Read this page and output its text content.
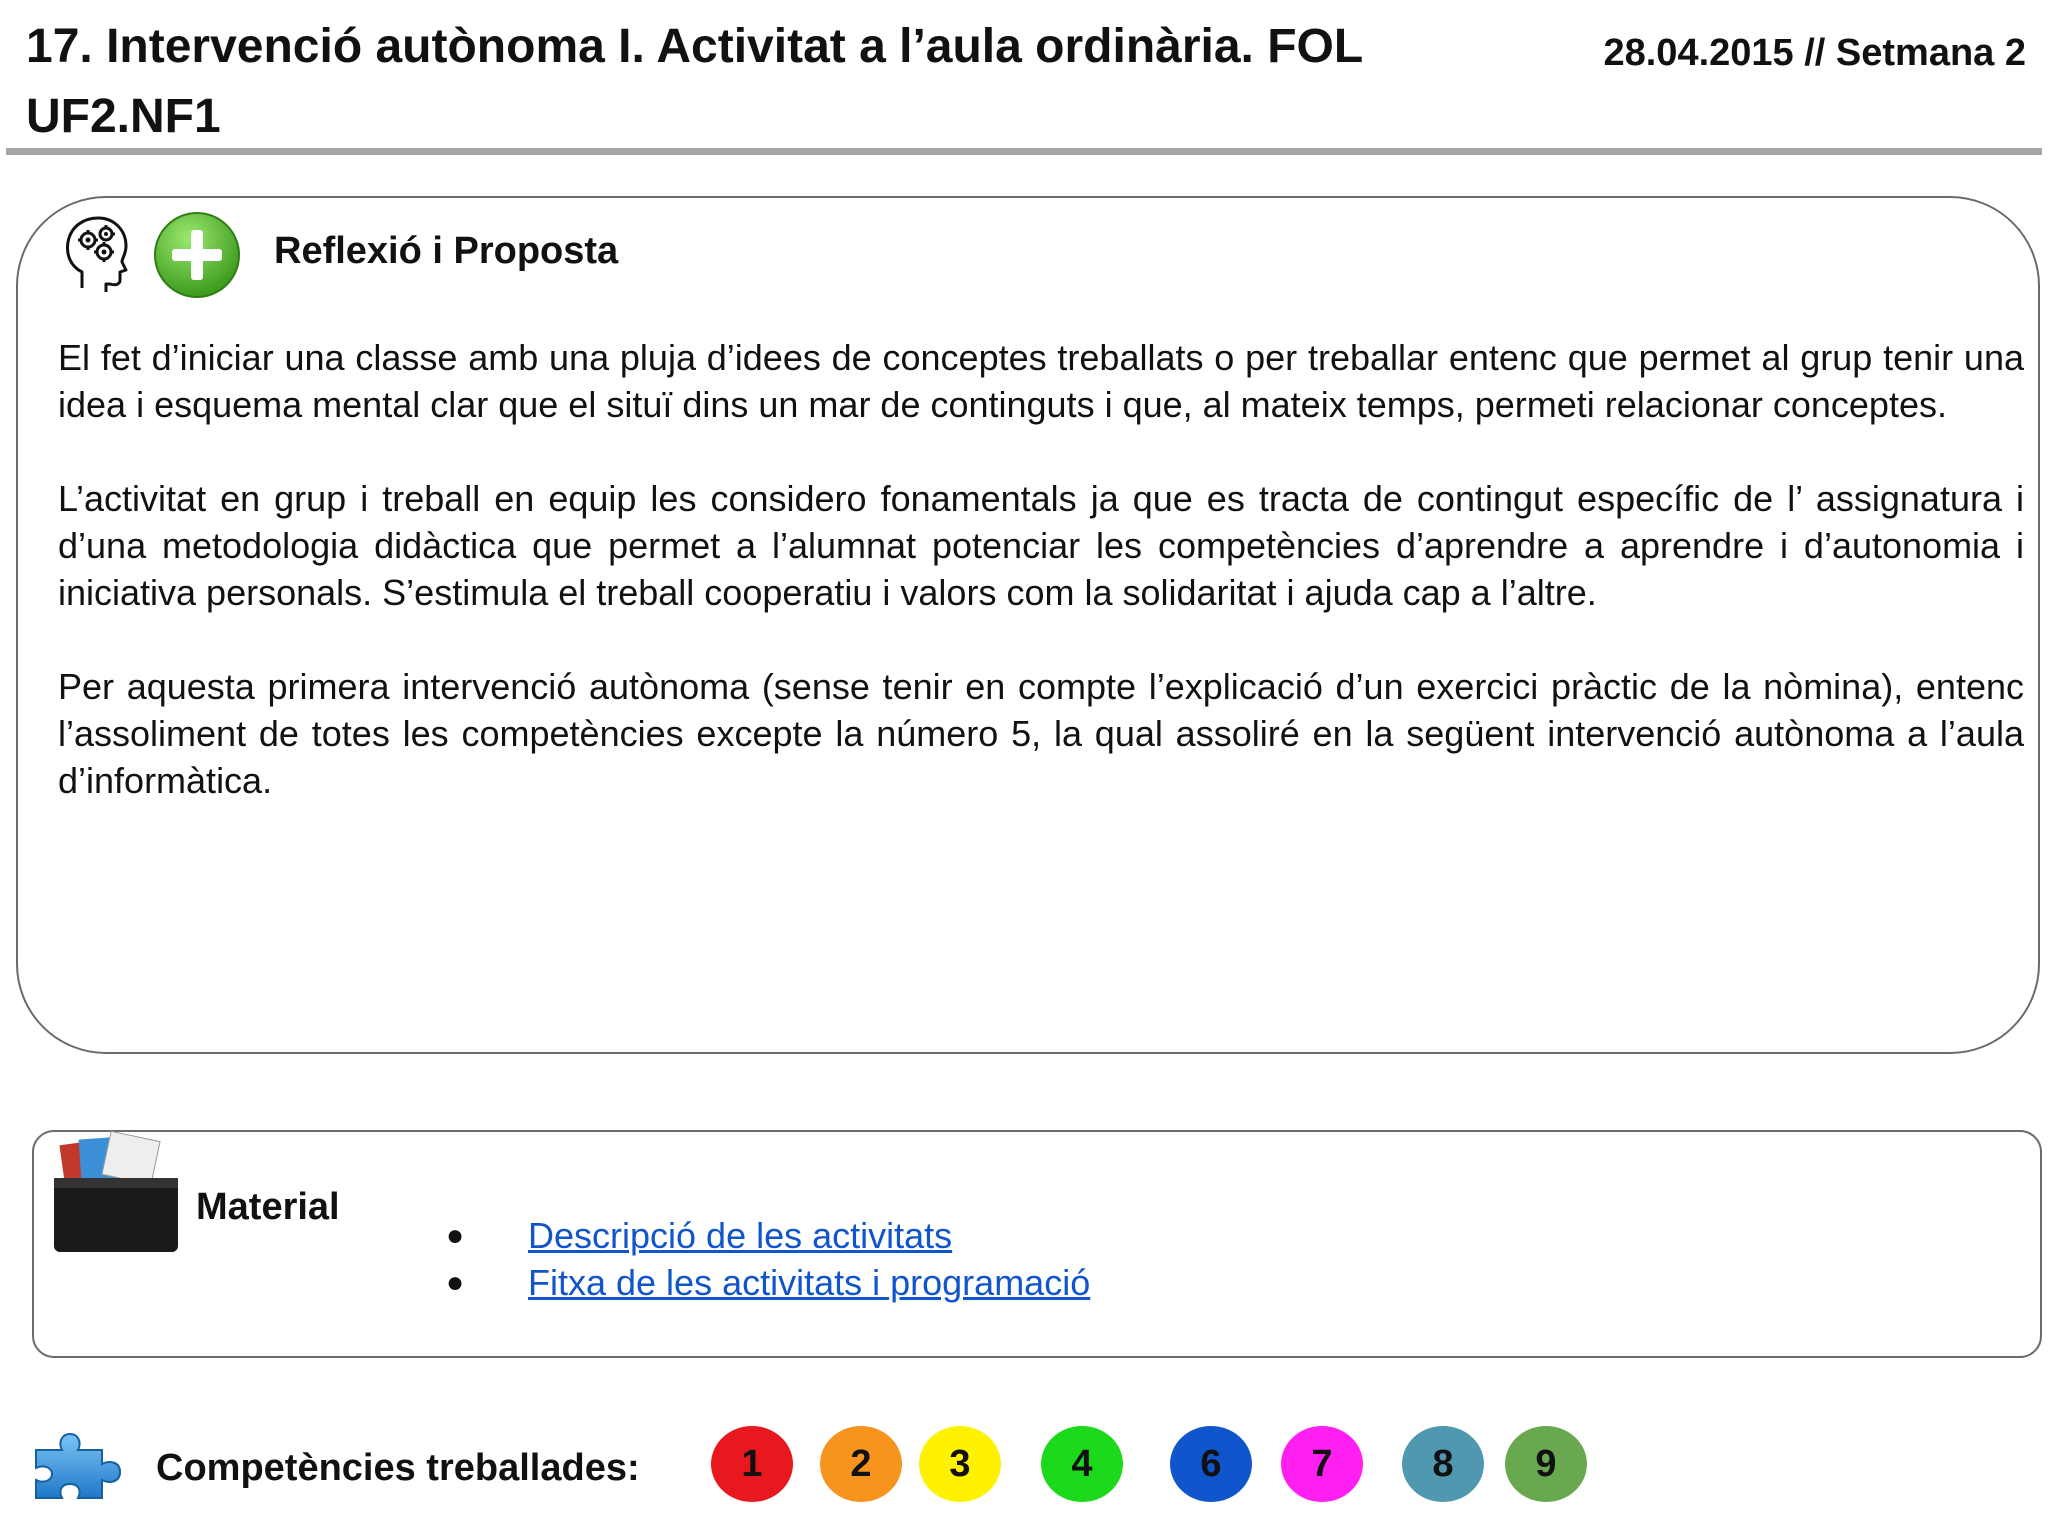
17. Intervenció autònoma I. Activitat a l’aula ordinària. FOL UF2.NF1
28.04.2015 // Setmana 2
Reflexió i Proposta

El fet d’iniciar una classe amb una pluja d’idees de conceptes treballats o per treballar entenc que permet al grup tenir una idea i esquema mental clar que el situï dins un mar de continguts i que, al mateix temps, permeti relacionar conceptes.

L’activitat en grup i treball en equip les considero fonamentals ja que es tracta de contingut específic de l’ assignatura i d’una metodologia didàctica que permet a l’alumnat potenciar les competències d’aprendre a aprendre i d’autonomia i iniciativa personals. S’estimula el treball cooperatiu i valors com la solidaritat i ajuda cap a l’altre.

Per aquesta primera intervenció autònoma (sense tenir en compte l’explicació d’un exercici pràctic de la nòmina), entenc l’assoliment de totes les competències excepte la número 5, la qual assoliré en la següent intervenció autònoma a l’aula d’informàtica.

Material
● Descripció de les activitats
● Fitxa de les activitats i programació
Competències treballades:	1	2	3	4	6	7	8	9
